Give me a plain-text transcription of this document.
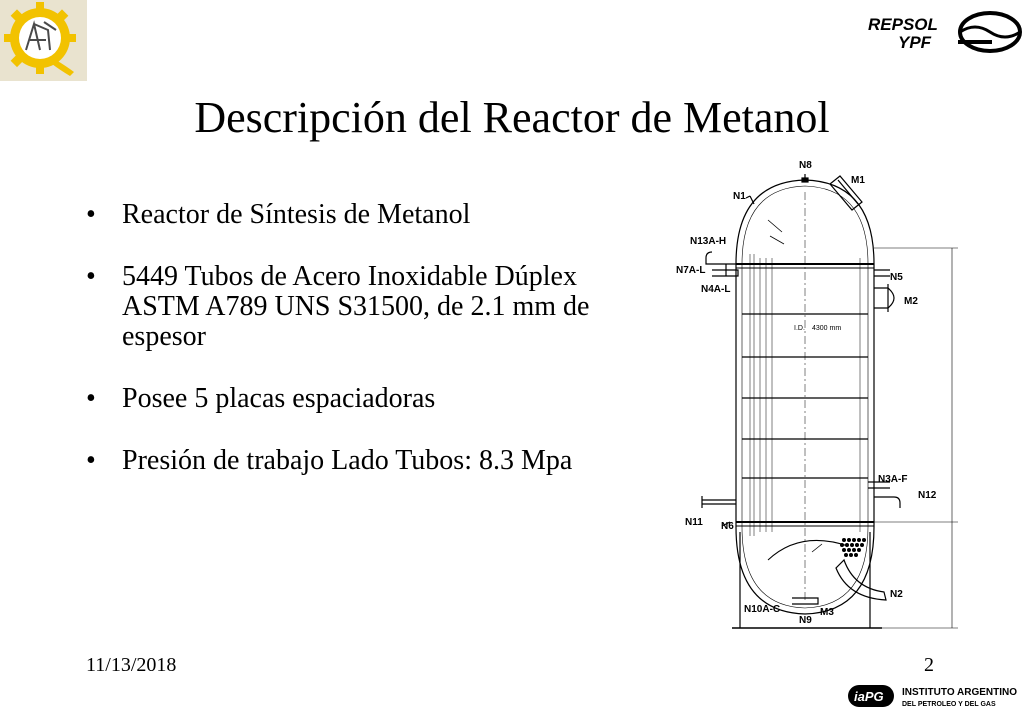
REPSOL
YPF
Descripción del Reactor de Metanol
• Reactor de Síntesis de Metanol
• 5449 Tubos de Acero Inoxidable Dúplex ASTM A789 UNS S31500, de 2.1 mm de espesor
• Posee 5 placas espaciadoras
• Presión de trabajo Lado Tubos: 8.3 Mpa
N8
M1
N1
N13A-H
N7A-L
N4A-L
N5
M2
I.D. 4300 mm
N3A-F
N12
N11 N6
N2
N10A-C	M3
N9
11/13/2018	2
iaPG INSTITUTO ARGENTINO
DEL PETROLEO Y DEL GAS
